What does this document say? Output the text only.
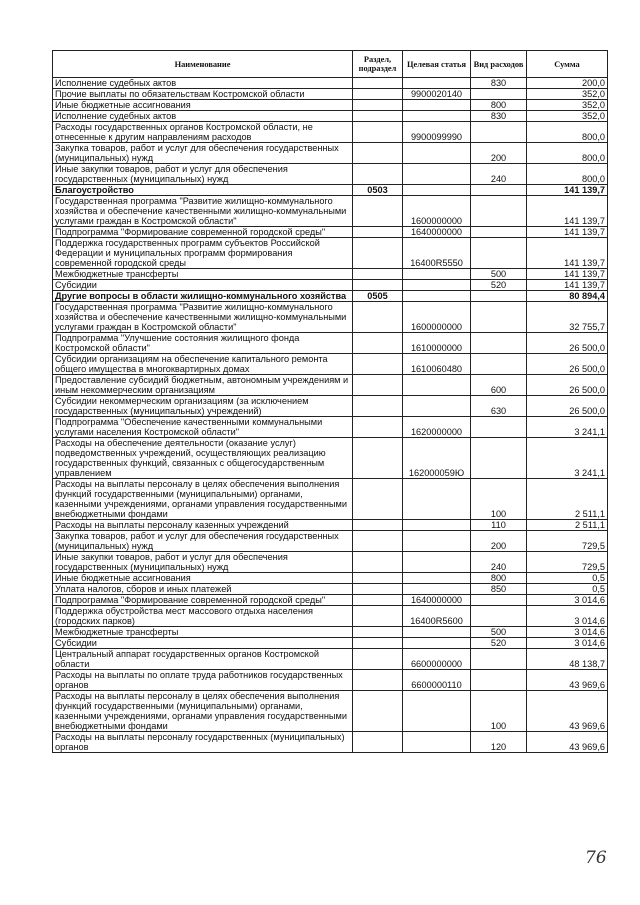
Наименование	Раздел, подраздел	Целевая статья	Вид расходов	Сумма
Исполнение судебных актов			830	200,0
Прочие выплаты по обязательствам Костромской области		9900020140		352,0
Иные бюджетные ассигнования			800	352,0
Исполнение судебных актов			830	352,0
Расходы государственных органов Костромской области, не отнесенные к другим направлениям расходов		9900099990		800,0
Закупка товаров, работ и услуг для обеспечения государственных (муниципальных) нужд			200	800,0
Иные закупки товаров, работ и услуг для обеспечения государственных (муниципальных) нужд			240	800,0
Благоустройство	0503			141 139,7
Государственная программа "Развитие жилищно-коммунального хозяйства и обеспечение качественными жилищно-коммунальными услугами граждан в Костромской области"		1600000000		141 139,7
Подпрограмма "Формирование современной городской среды"		1640000000		141 139,7
Поддержка государственных программ субъектов Российской Федерации и муниципальных программ формирования современной городской среды		16400R5550		141 139,7
Межбюджетные трансферты			500	141 139,7
Субсидии			520	141 139,7
Другие вопросы в области жилищно-коммунального хозяйства	0505			80 894,4
Государственная программа "Развитие жилищно-коммунального хозяйства и обеспечение качественными жилищно-коммунальными услугами граждан в Костромской области"		1600000000		32 755,7
Подпрограмма "Улучшение состояния жилищного фонда Костромской области"		1610000000		26 500,0
Субсидии организациям на обеспечение капитального ремонта общего имущества в многоквартирных домах		1610060480		26 500,0
Предоставление субсидий бюджетным, автономным учреждениям и иным некоммерческим организациям			600	26 500,0
Субсидии некоммерческим организациям (за исключением государственных (муниципальных) учреждений)			630	26 500,0
Подпрограмма "Обеспечение качественными коммунальными услугами населения Костромской области"		1620000000		3 241,1
Расходы на обеспечение деятельности (оказание услуг) подведомственных учреждений, осуществляющих реализацию государственных функций, связанных с общегосударственным управлением		162000059Ю		3 241,1
Расходы на выплаты персоналу в целях обеспечения выполнения функций государственными (муниципальными) органами, казенными учреждениями, органами управления государственными внебюджетными фондами			100	2 511,1
Расходы на выплаты персоналу казенных учреждений			110	2 511,1
Закупка товаров, работ и услуг для обеспечения государственных (муниципальных) нужд			200	729,5
Иные закупки товаров, работ и услуг для обеспечения государственных (муниципальных) нужд			240	729,5
Иные бюджетные ассигнования			800	0,5
Уплата налогов, сборов и иных платежей			850	0,5
Подпрограмма "Формирование современной городской среды"		1640000000		3 014,6
Поддержка обустройства мест массового отдыха населения (городских парков)		16400R5600		3 014,6
Межбюджетные трансферты			500	3 014,6
Субсидии			520	3 014,6
Центральный аппарат государственных органов Костромской области		6600000000		48 138,7
Расходы на выплаты по оплате труда работников государственных органов		6600000110		43 969,6
Расходы на выплаты персоналу в целях обеспечения выполнения функций государственными (муниципальными) органами, казенными учреждениями, органами управления государственными внебюджетными фондами			100	43 969,6
Расходы на выплаты персоналу государственных (муниципальных) органов			120	43 969,6
76
